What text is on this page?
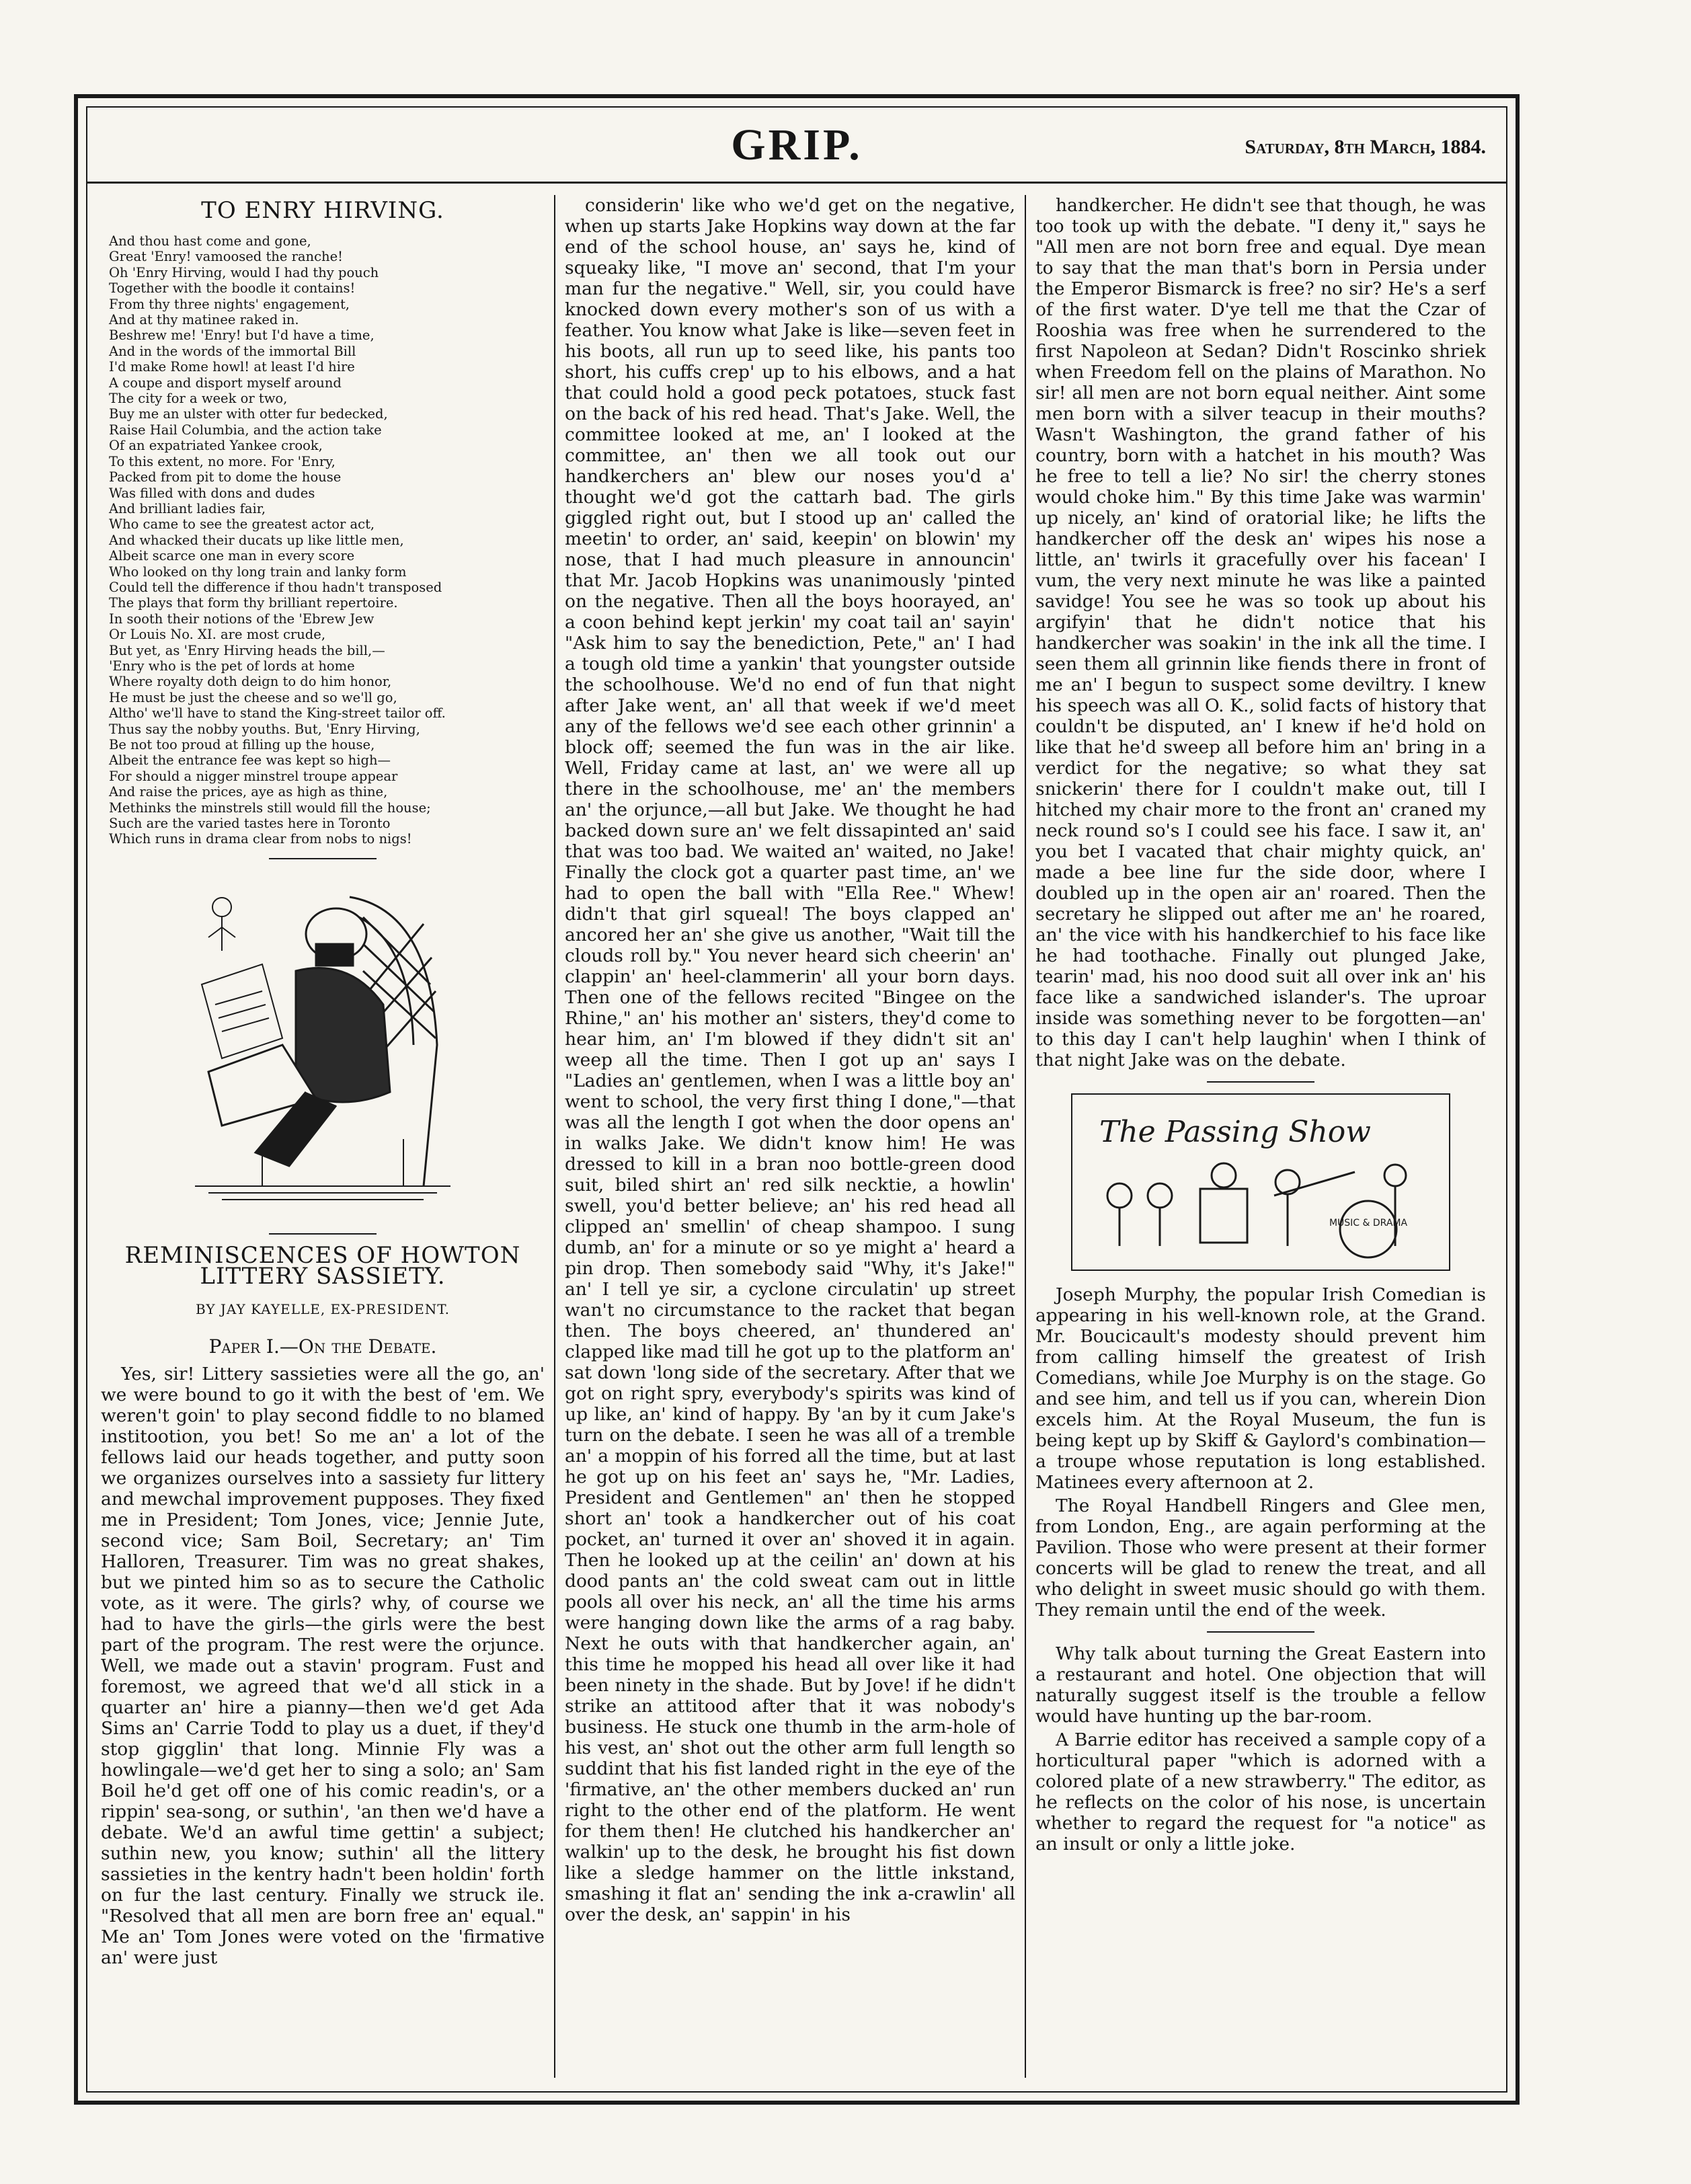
GRIP.	Saturday, 8th March, 1884.
TO ENRY HIRVING.
And thou hast come and gone,
Great 'Enry! vamoosed the ranche!
Oh 'Enry Hirving, would I had thy pouch
Together with the boodle it contains!
From thy three nights' engagement,
And at thy matinee raked in.
Beshrew me! 'Enry! but I'd have a time,
And in the words of the immortal Bill
I'd make Rome howl! at least I'd hire
A coupe and disport myself around
The city for a week or two,
Buy me an ulster with otter fur bedecked,
Raise Hail Columbia, and the action take
Of an expatriated Yankee crook,
To this extent, no more. For 'Enry,
Packed from pit to dome the house
Was filled with dons and dudes
And brilliant ladies fair,
Who came to see the greatest actor act,
And whacked their ducats up like little men,
Albeit scarce one man in every score
Who looked on thy long train and lanky form
Could tell the difference if thou hadn't transposed
The plays that form thy brilliant repertoire.
In sooth their notions of the 'Ebrew Jew
Or Louis No. XI. are most crude,
But yet, as 'Enry Hirving heads the bill,—
'Enry who is the pet of lords at home
Where royalty doth deign to do him honor,
He must be just the cheese and so we'll go,
Altho' we'll have to stand the King-street tailor off.
Thus say the nobby youths. But, 'Enry Hirving,
Be not too proud at filling up the house,
Albeit the entrance fee was kept so high—
For should a nigger minstrel troupe appear
And raise the prices, aye as high as thine,
Methinks the minstrels still would fill the house;
Such are the varied tastes here in Toronto
Which runs in drama clear from nobs to nigs!
REMINISCENCES OF HOWTON LITTERY SASSIETY.
BY JAY KAYELLE, EX-PRESIDENT.
Paper I.—On the Debate.

Yes, sir! Littery sassieties were all the go, an' we were bound to go it with the best of 'em. We weren't goin' to play second fiddle to no blamed institootion, you bet! So me an' a lot of the fellows laid our heads together, and putty soon we organizes ourselves into a sassiety fur littery and mewchal improvement pupposes. They fixed me in President; Tom Jones, vice; Jennie Jute, second vice; Sam Boil, Secretary; an' Tim Halloren, Treasurer. Tim was no great shakes, but we pinted him so as to secure the Catholic vote, as it were. The girls? why, of course we had to have the girls—the girls were the best part of the program. The rest were the orjunce. Well, we made out a stavin' program. Fust and foremost, we agreed that we'd all stick in a quarter an' hire a pianny—then we'd get Ada Sims an' Carrie Todd to play us a duet, if they'd stop gigglin' that long. Minnie Fly was a howlingale—we'd get her to sing a solo; an' Sam Boil he'd get off one of his comic readin's, or a rippin' sea-song, or suthin', 'an then we'd have a debate. We'd an awful time gettin' a subject; suthin new, you know; suthin' all the littery sassieties in the kentry hadn't been holdin' forth on fur the last century. Finally we struck ile. "Resolved that all men are born free an' equal." Me an' Tom Jones were voted on the 'firmative an' were just

considerin' like who we'd get on the negative, when up starts Jake Hopkins way down at the far end of the school house, an' says he, kind of squeaky like, "I move an' second, that I'm your man fur the negative." Well, sir, you could have knocked down every mother's son of us with a feather. You know what Jake is like—seven feet in his boots, all run up to seed like, his pants too short, his cuffs crep' up to his elbows, and a hat that could hold a good peck potatoes, stuck fast on the back of his red head. That's Jake. Well, the committee looked at me, an' I looked at the committee, an' then we all took out our handkerchers an' blew our noses you'd a' thought we'd got the cattarh bad. The girls giggled right out, but I stood up an' called the meetin' to order, an' said, keepin' on blowin' my nose, that I had much pleasure in announcin' that Mr. Jacob Hopkins was unanimously 'pinted on the negative. Then all the boys hoorayed, an' a coon behind kept jerkin' my coat tail an' sayin' "Ask him to say the benediction, Pete," an' I had a tough old time a yankin' that youngster outside the schoolhouse. We'd no end of fun that night after Jake went, an' all that week if we'd meet any of the fellows we'd see each other grinnin' a block off; seemed the fun was in the air like. Well, Friday came at last, an' we were all up there in the schoolhouse, me' an' the members an' the orjunce,—all but Jake. We thought he had backed down sure an' we felt dissapinted an' said that was too bad. We waited an' waited, no Jake! Finally the clock got a quarter past time, an' we had to open the ball with "Ella Ree." Whew! didn't that girl squeal! The boys clapped an' ancored her an' she give us another, "Wait till the clouds roll by." You never heard sich cheerin' an' clappin' an' heel-clammerin' all your born days. Then one of the fellows recited "Bingee on the Rhine," an' his mother an' sisters, they'd come to hear him, an' I'm blowed if they didn't sit an' weep all the time. Then I got up an' says I "Ladies an' gentlemen, when I was a little boy an' went to school, the very first thing I done,"—that was all the length I got when the door opens an' in walks Jake. We didn't know him! He was dressed to kill in a bran noo bottle-green dood suit, biled shirt an' red silk necktie, a howlin' swell, you'd better believe; an' his red head all clipped an' smellin' of cheap shampoo. I sung dumb, an' for a minute or so ye might a' heard a pin drop. Then somebody said "Why, it's Jake!" an' I tell ye sir, a cyclone circulatin' up street wan't no circumstance to the racket that began then. The boys cheered, an' thundered an' clapped like mad till he got up to the platform an' sat down 'long side of the secretary. After that we got on right spry, everybody's spirits was kind of up like, an' kind of happy. By 'an by it cum Jake's turn on the debate. I seen he was all of a tremble an' a moppin of his forred all the time, but at last he got up on his feet an' says he, "Mr. Ladies, President and Gentlemen" an' then he stopped short an' took a handkercher out of his coat pocket, an' turned it over an' shoved it in again. Then he looked up at the ceilin' an' down at his dood pants an' the cold sweat cam out in little pools all over his neck, an' all the time his arms were hanging down like the arms of a rag baby. Next he outs with that handkercher again, an' this time he mopped his head all over like it had been ninety in the shade. But by Jove! if he didn't strike an attitood after that it was nobody's business. He stuck one thumb in the arm-hole of his vest, an' shot out the other arm full length so suddint that his fist landed right in the eye of the 'firmative, an' the other members ducked an' run right to the other end of the platform. He went for them then! He clutched his handkercher an' walkin' up to the desk, he brought his fist down like a sledge hammer on the little inkstand, smashing it flat an' sending the ink a-crawlin' all over the desk, an' sappin' in his

handkercher. He didn't see that though, he was too took up with the debate. "I deny it," says he "All men are not born free and equal. Dye mean to say that the man that's born in Persia under the Emperor Bismarck is free? no sir? He's a serf of the first water. D'ye tell me that the Czar of Rooshia was free when he surrendered to the first Napoleon at Sedan? Didn't Roscinko shriek when Freedom fell on the plains of Marathon. No sir! all men are not born equal neither. Aint some men born with a silver teacup in their mouths? Wasn't Washington, the grand father of his country, born with a hatchet in his mouth? Was he free to tell a lie? No sir! the cherry stones would choke him." By this time Jake was warmin' up nicely, an' kind of oratorial like; he lifts the handkercher off the desk an' wipes his nose a little, an' twirls it gracefully over his facean' I vum, the very next minute he was like a painted savidge! You see he was so took up about his argifyin' that he didn't notice that his handkercher was soakin' in the ink all the time. I seen them all grinnin like fiends there in front of me an' I begun to suspect some deviltry. I knew his speech was all O. K., solid facts of history that couldn't be disputed, an' I knew if he'd hold on like that he'd sweep all before him an' bring in a verdict for the negative; so what they sat snickerin' there for I couldn't make out, till I hitched my chair more to the front an' craned my neck round so's I could see his face. I saw it, an' you bet I vacated that chair mighty quick, an' made a bee line fur the side door, where I doubled up in the open air an' roared. Then the secretary he slipped out after me an' he roared, an' the vice with his handkerchief to his face like he had toothache. Finally out plunged Jake, tearin' mad, his noo dood suit all over ink an' his face like a sandwiched islander's. The uproar inside was something never to be forgotten—an' to this day I can't help laughin' when I think of that night Jake was on the debate.

The Passing Show
MUSIC & DRAMA

Joseph Murphy, the popular Irish Comedian is appearing in his well-known role, at the Grand. Mr. Boucicault's modesty should prevent him from calling himself the greatest of Irish Comedians, while Joe Murphy is on the stage. Go and see him, and tell us if you can, wherein Dion excels him. At the Royal Museum, the fun is being kept up by Skiff & Gaylord's combination—a troupe whose reputation is long established. Matinees every afternoon at 2.

The Royal Handbell Ringers and Glee men, from London, Eng., are again performing at the Pavilion. Those who were present at their former concerts will be glad to renew the treat, and all who delight in sweet music should go with them. They remain until the end of the week.

Why talk about turning the Great Eastern into a restaurant and hotel. One objection that will naturally suggest itself is the trouble a fellow would have hunting up the bar-room.

A Barrie editor has received a sample copy of a horticultural paper "which is adorned with a colored plate of a new strawberry." The editor, as he reflects on the color of his nose, is uncertain whether to regard the request for "a notice" as an insult or only a little joke.
